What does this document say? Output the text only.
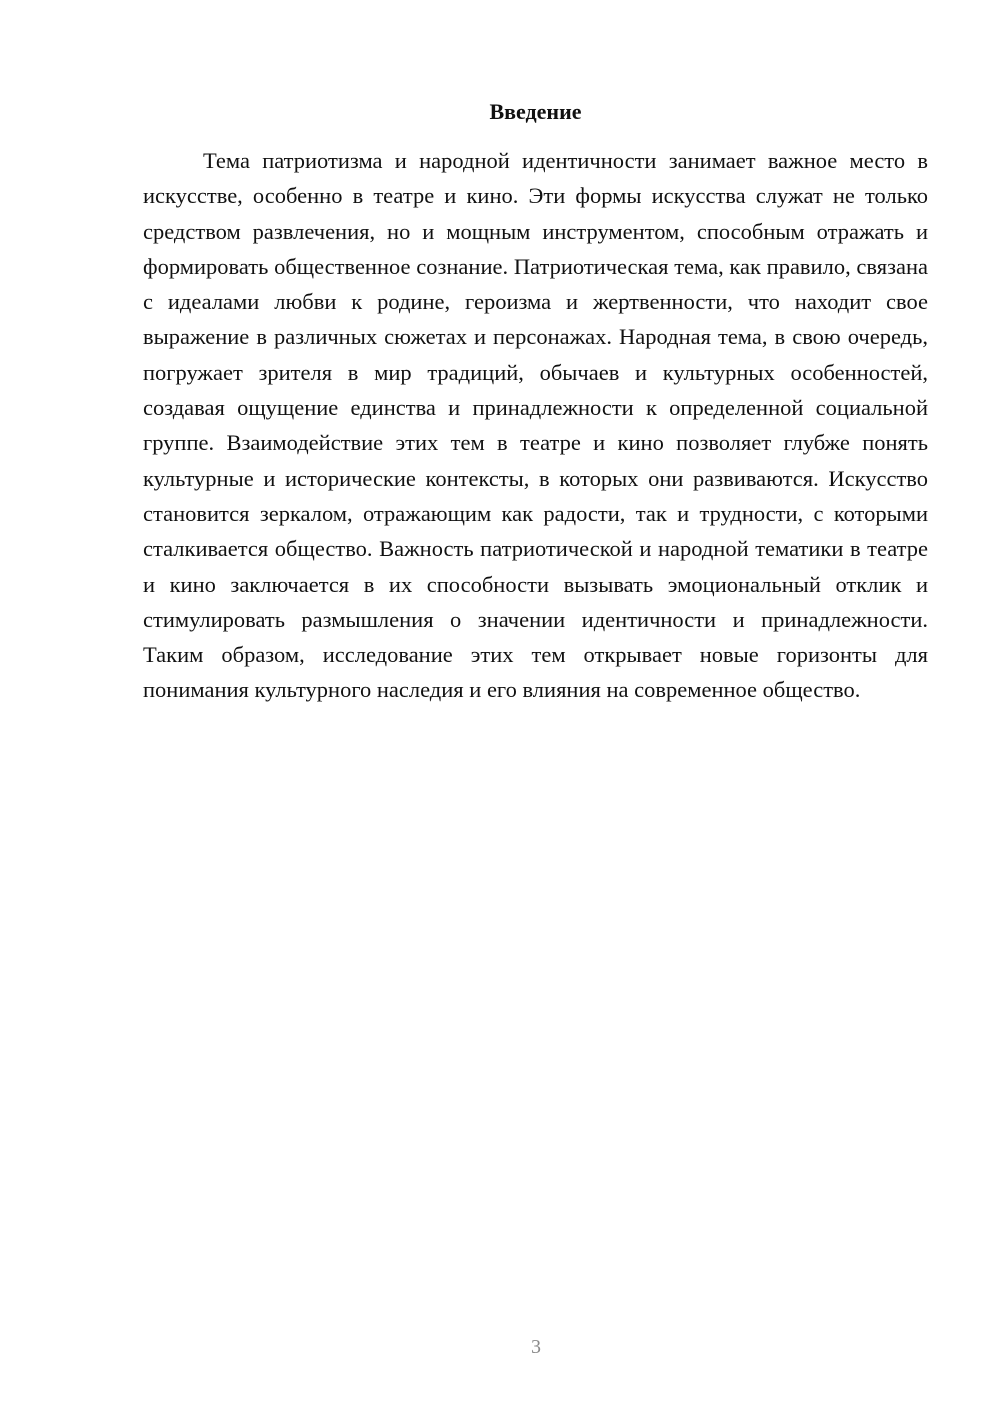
Введение

Тема патриотизма и народной идентичности занимает важное место в искусстве, особенно в театре и кино. Эти формы искусства служат не только средством развлечения, но и мощным инструментом, способным отражать и формировать общественное сознание. Патриотическая тема, как правило, связана с идеалами любви к родине, героизма и жертвенности, что находит свое выражение в различных сюжетах и персонажах. Народная тема, в свою очередь, погружает зрителя в мир традиций, обычаев и культурных особенностей, создавая ощущение единства и принадлежности к определенной социальной группе. Взаимодействие этих тем в театре и кино позволяет глубже понять культурные и исторические контексты, в которых они развиваются. Искусство становится зеркалом, отражающим как радости, так и трудности, с которыми сталкивается общество. Важность патриотической и народной тематики в театре и кино заключается в их способности вызывать эмоциональный отклик и стимулировать размышления о значении идентичности и принадлежности. Таким образом, исследование этих тем открывает новые горизонты для понимания культурного наследия и его влияния на современное общество.

3
